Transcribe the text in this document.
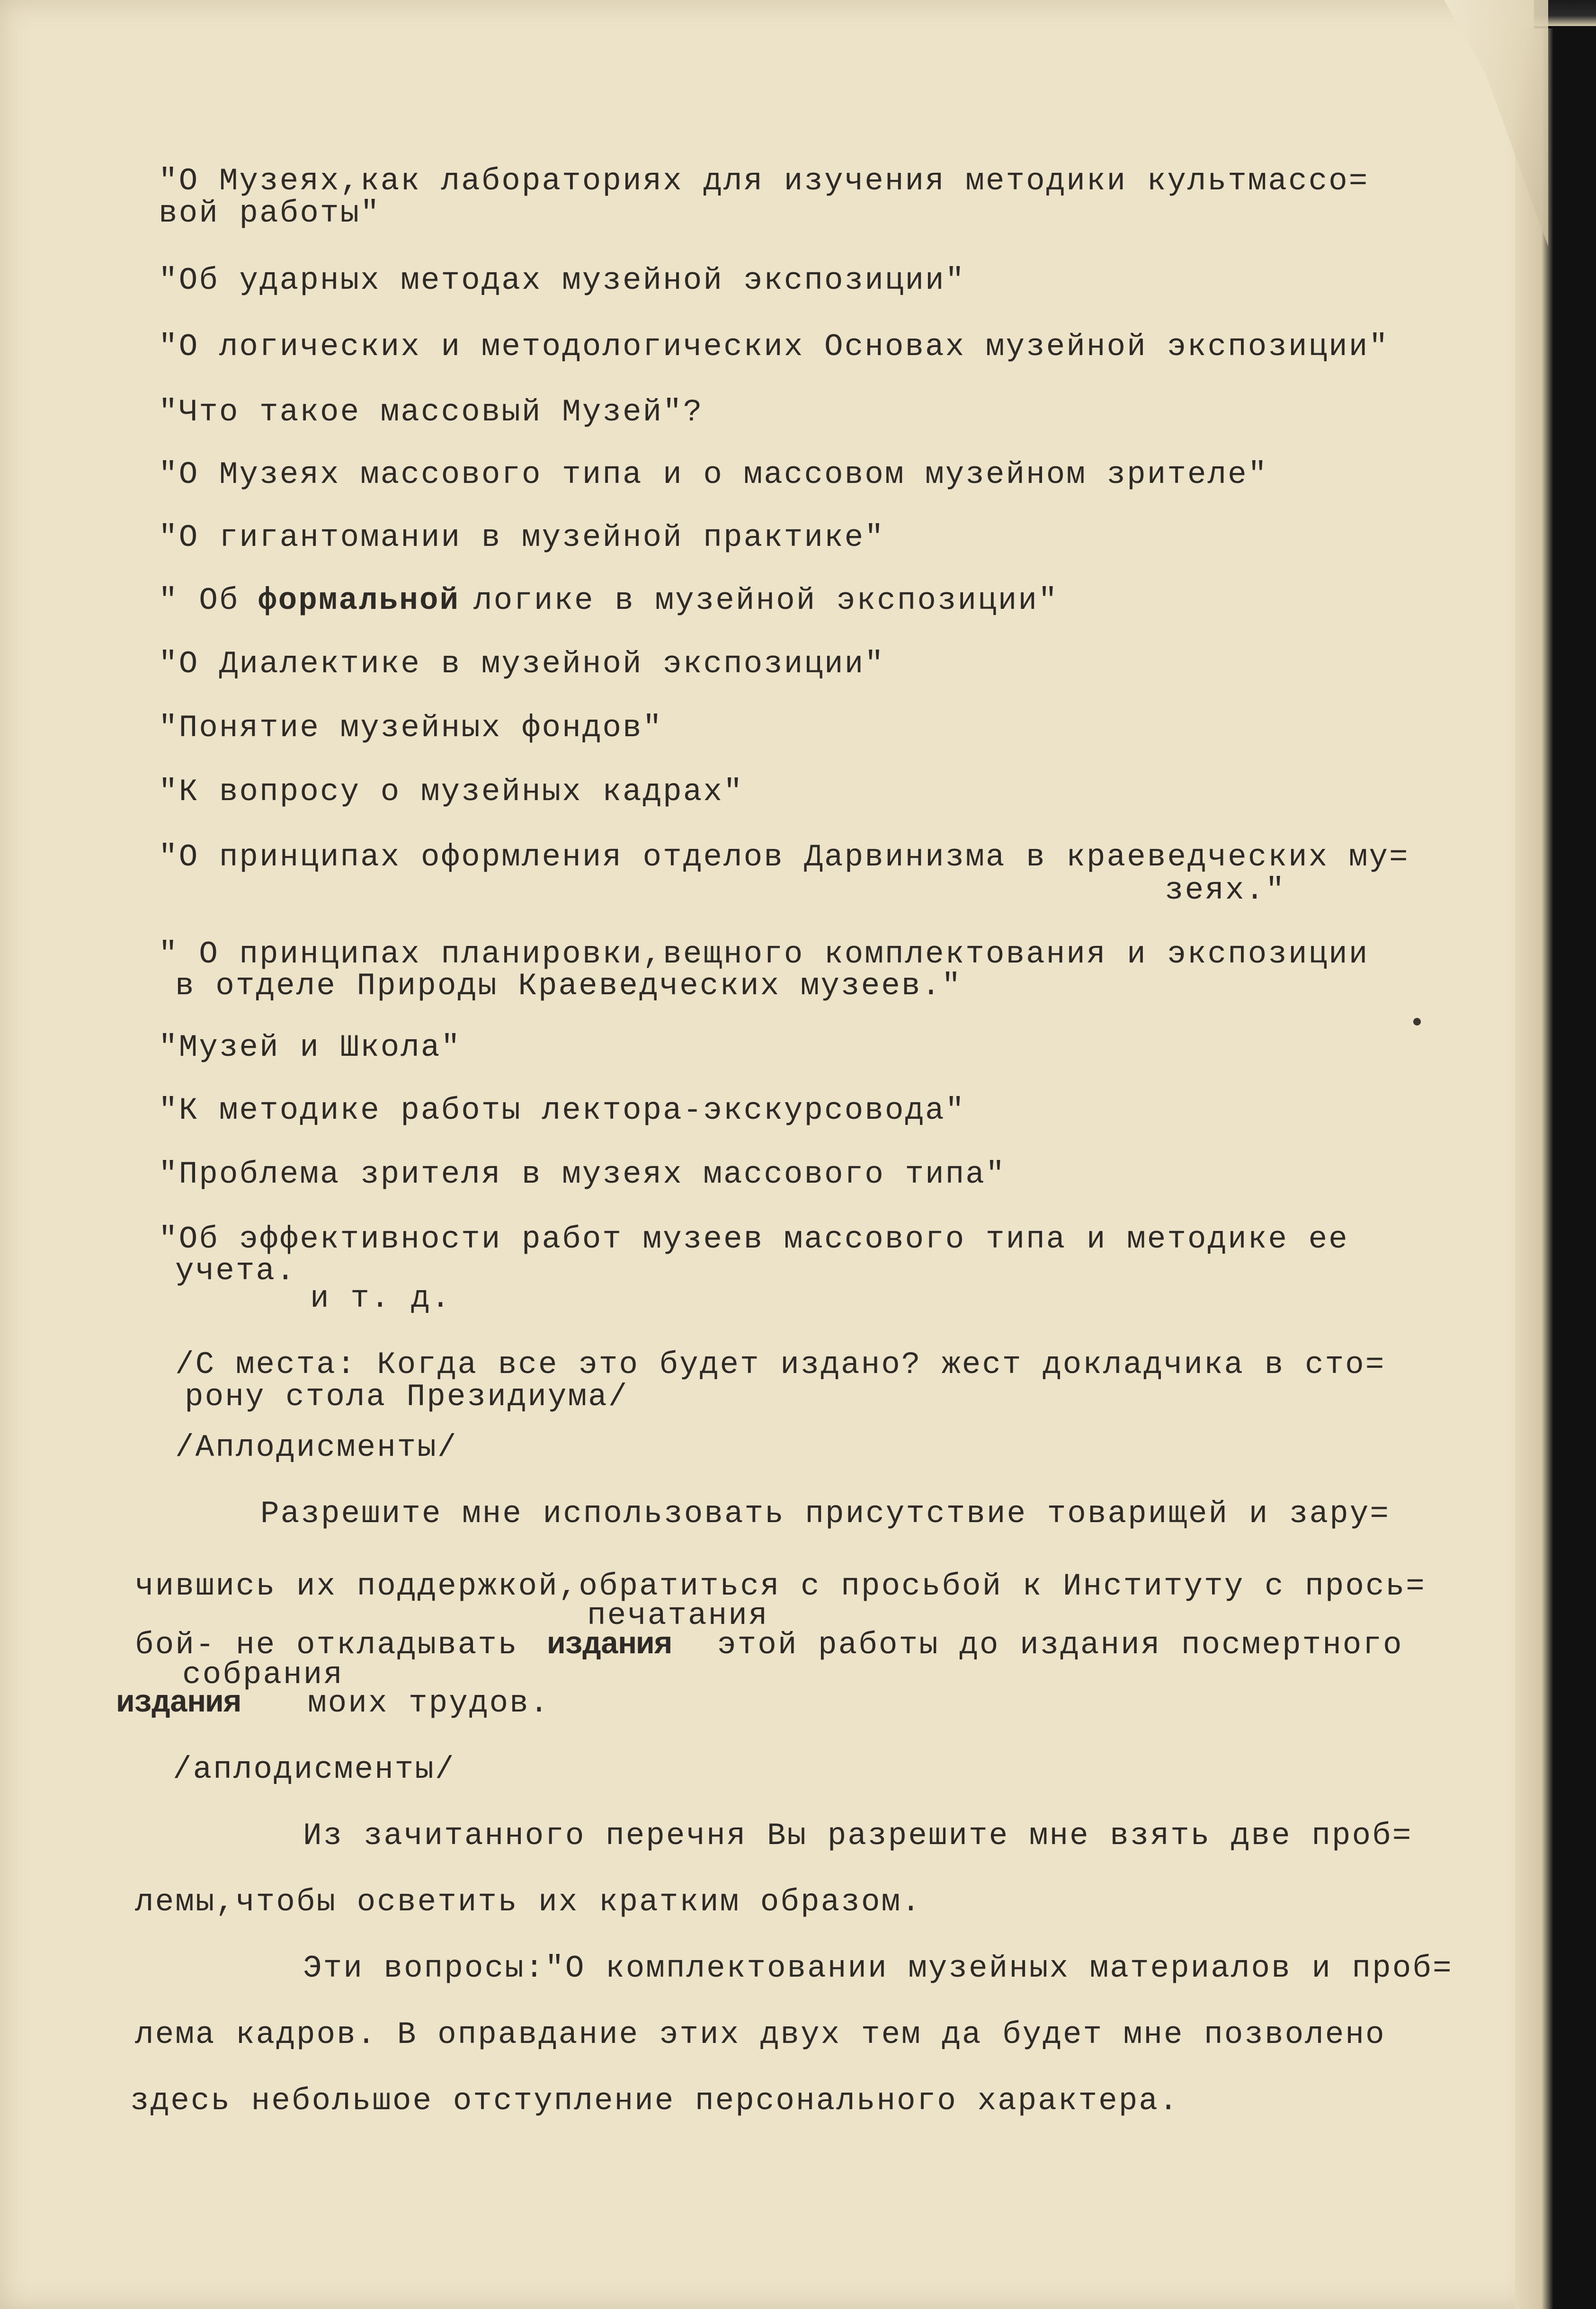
"О Музеях,как лабораториях для изучения методики культмассо=
вой работы"
"Об ударных методах музейной экспозиции"
"О логических и методологических Основах музейной экспозиции"
"Что такое массовый Музей"?
"О Музеях массового типа и о массовом музейном зрителе"
"О гигантомании в музейной практике"
" Об формальной логике в музейной экспозиции"
"О Диалектике в музейной экспозиции"
"Понятие музейных фондов"
"К вопросу о музейных кадрах"
"О принципах оформления отделов Дарвинизма в краеведческих му=
зеях."
" О принципах планировки,вещного комплектования и экспозиции
в отделе Природы Краеведческих музеев."
"Музей и Школа"
"К методике работы лектора-экскурсовода"
"Проблема зрителя в музеях массового типа"
"Об эффективности работ музеев массового типа и методике ее
учета.
и т. д.
/С места: Когда все это будет издано? жест докладчика в сто=
рону стола Президиума/
/Аплодисменты/
Разрешите мне использовать присутствие товарищей и зару=
чившись их поддержкой,обратиться с просьбой к Институту с прось=
печатания
бой- не откладывать издания этой работы до издания посмертного
собрания
издания моих трудов.
/аплодисменты/
Из зачитанного перечня Вы разрешите мне взять две проб=
лемы,чтобы осветить их кратким образом.
Эти вопросы:"О комплектовании музейных материалов и проб=
лема кадров. В оправдание этих двух тем да будет мне позволено
здесь небольшое отступление персонального характера.
